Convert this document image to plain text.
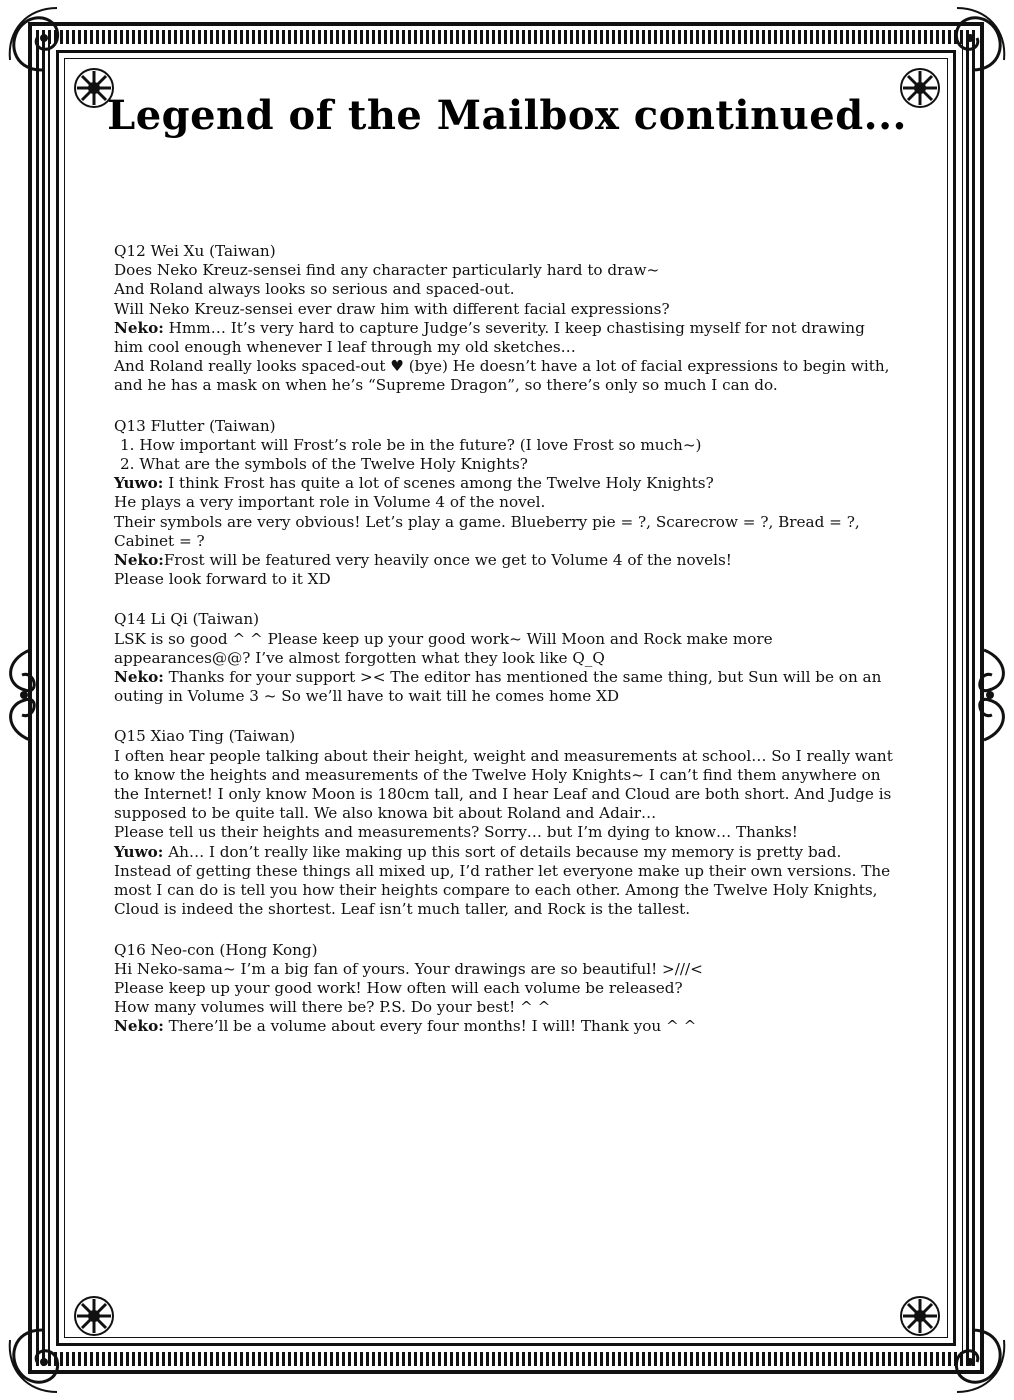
Legend of the Mailbox continued...
Q12 Wei Xu (Taiwan)
Does Neko Kreuz-sensei find any character particularly hard to draw~
And Roland always looks so serious and spaced-out.
Will Neko Kreuz-sensei ever draw him with different facial expressions?
Neko: Hmm… It’s very hard to capture Judge’s severity. I keep chastising myself for not drawing him cool enough whenever I leaf through my old sketches…
And Roland really looks spaced-out ♥ (bye) He doesn’t have a lot of facial expressions to begin with, and he has a mask on when he’s “Supreme Dragon”, so there’s only so much I can do.
Q13 Flutter (Taiwan)
1. How important will Frost’s role be in the future? (I love Frost so much~)
2. What are the symbols of the Twelve Holy Knights?
Yuwo: I think Frost has quite a lot of scenes among the Twelve Holy Knights?
He plays a very important role in Volume 4 of the novel.
Their symbols are very obvious! Let’s play a game. Blueberry pie = ?, Scarecrow = ?, Bread = ?, Cabinet = ?
Neko:Frost will be featured very heavily once we get to Volume 4 of the novels!
Please look forward to it XD
Q14 Li Qi (Taiwan)
LSK is so good ^ ^ Please keep up your good work~ Will Moon and Rock make more appearances@@? I’ve almost forgotten what they look like Q_Q
Neko: Thanks for your support >< The editor has mentioned the same thing, but Sun will be on an outing in Volume 3 ~ So we’ll have to wait till he comes home XD
Q15 Xiao Ting (Taiwan)
I often hear people talking about their height, weight and measurements at school… So I really want to know the heights and measurements of the Twelve Holy Knights~ I can’t find them anywhere on the Internet! I only know Moon is 180cm tall, and I hear Leaf and Cloud are both short. And Judge is supposed to be quite tall. We also knowa bit about Roland and Adair…
Please tell us their heights and measurements? Sorry… but I’m dying to know… Thanks!
Yuwo: Ah… I don’t really like making up this sort of details because my memory is pretty bad. Instead of getting these things all mixed up, I’d rather let everyone make up their own versions. The most I can do is tell you how their heights compare to each other. Among the Twelve Holy Knights, Cloud is indeed the shortest. Leaf isn’t much taller, and Rock is the tallest.
Q16 Neo-con (Hong Kong)
Hi Neko-sama~ I’m a big fan of yours. Your drawings are so beautiful! >///<
Please keep up your good work! How often will each volume be released?
How many volumes will there be? P.S. Do your best! ^ ^
Neko: There’ll be a volume about every four months! I will! Thank you ^ ^
